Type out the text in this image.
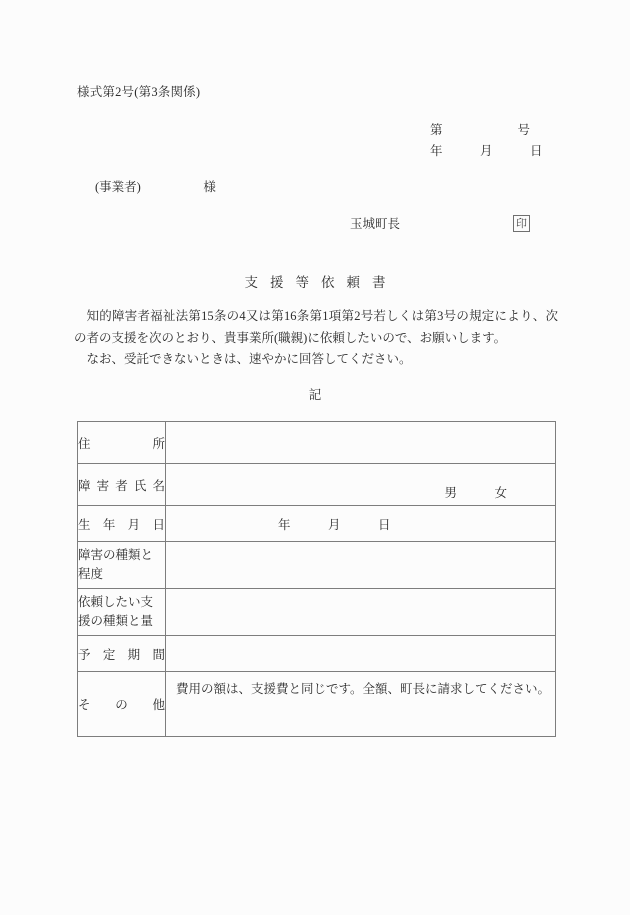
様式第2号(第3条関係)
第　　　　　　号
年　　　月　　　日
(事業者)　　　　　様
玉城町長	印
支援等依頼書

知的障害者福祉法第15条の4又は第16条第1項第2号若しくは第3号の規定により、次の者の支援を次のとおり、貴事業所(職親)に依頼したいので、お願いします。

なお、受託できないときは、速やかに回答してください。

記
住所	

障害者氏名	男　　　女

生年月日	年　　　月　　　日

障害の種類と程度	

依頼したい支援の種類と量	

予定期間	

その他	費用の額は、支援費と同じです。全額、町長に請求してください。
